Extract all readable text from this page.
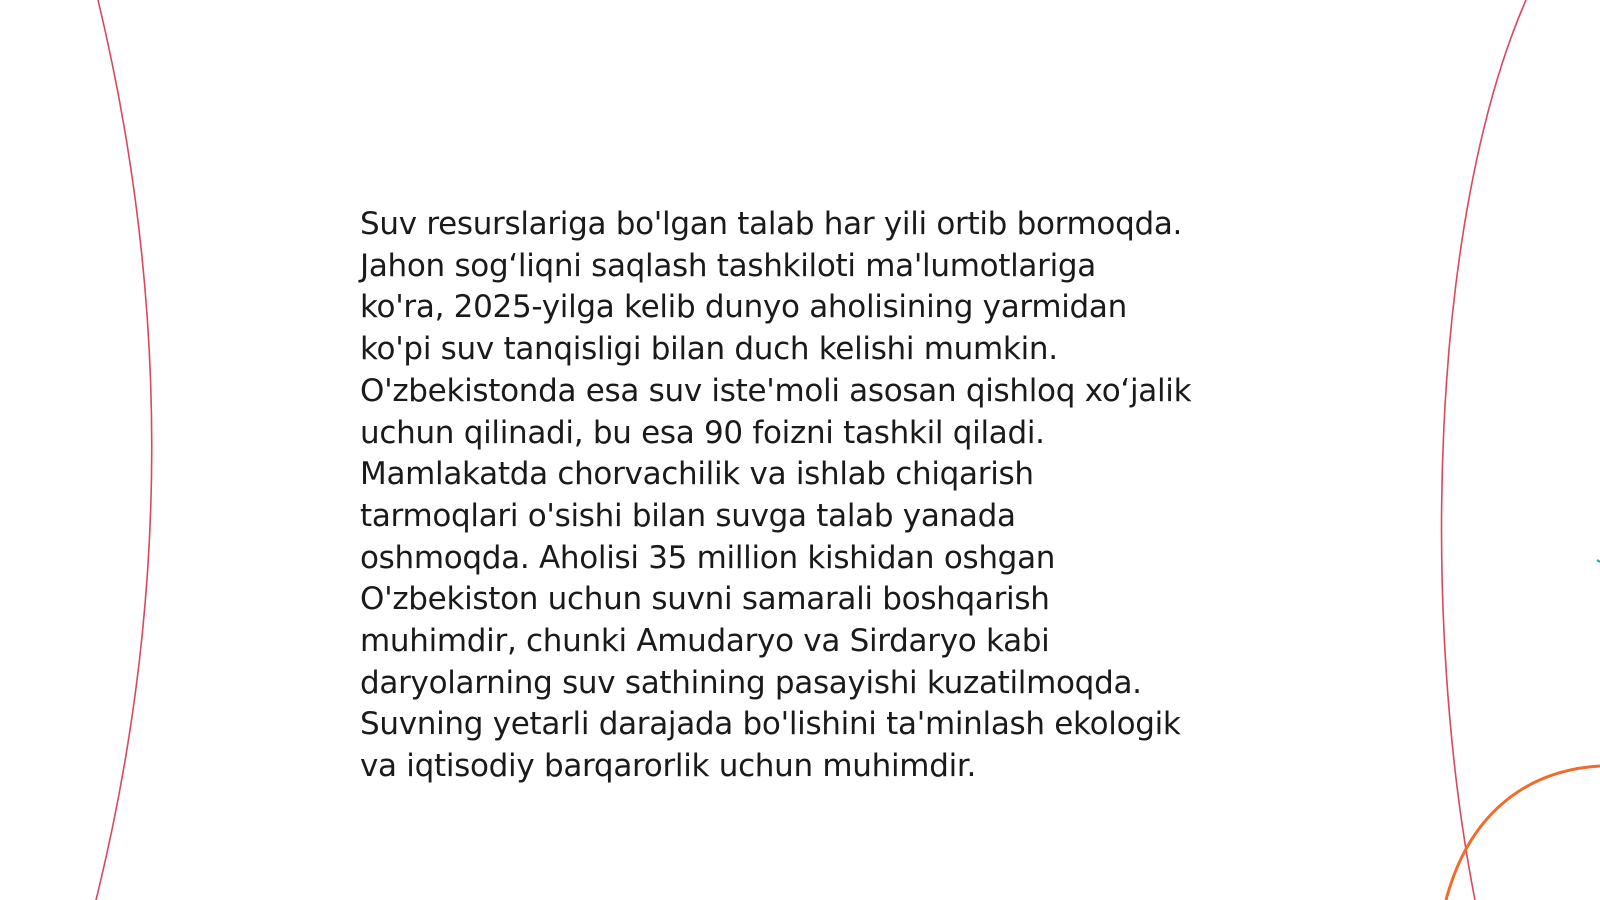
Suv resurslariga bo'lgan talab har yili ortib bormoqda.
Jahon sog‘liqni saqlash tashkiloti ma'lumotlariga
ko'ra, 2025-yilga kelib dunyo aholisining yarmidan
ko'pi suv tanqisligi bilan duch kelishi mumkin.
O'zbekistonda esa suv iste'moli asosan qishloq xo‘jalik
uchun qilinadi, bu esa 90 foizni tashkil qiladi.
Mamlakatda chorvachilik va ishlab chiqarish
tarmoqlari o'sishi bilan suvga talab yanada
oshmoqda. Aholisi 35 million kishidan oshgan
O'zbekiston uchun suvni samarali boshqarish
muhimdir, chunki Amudaryo va Sirdaryo kabi
daryolarning suv sathining pasayishi kuzatilmoqda.
Suvning yetarli darajada bo'lishini ta'minlash ekologik
va iqtisodiy barqarorlik uchun muhimdir.
